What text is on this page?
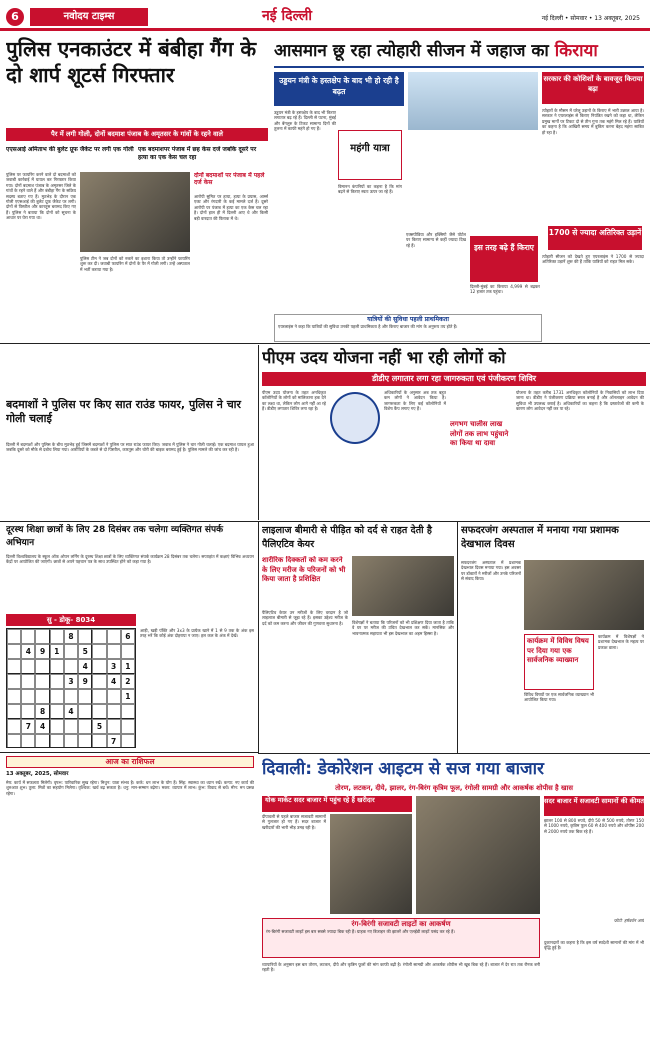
6	नवोदय टाइम्स	नई दिल्ली	नई दिल्ली • सोमवार • 13 अक्तूबर, 2025
पुलिस एनकाउंटर में बंबीहा गैंग के दो शार्प शूटर्स गिरफ्तार
पैर में लगी गोली, दोनों बदमाश पंजाब के अमृतसर के गांवों के रहने वाले
एएसआई अमिताभ की बुलेट प्रूफ जैकेट पर लगी एक गोली एक बदमाशपर पंजाब में छह केस दर्ज जबकि दूसरे पर हत्या का एक केस चल रहा
पुलिस पर फायरिंग करने वाले दो बदमाशों को जवाबी कार्रवाई में घायल कर गिरफ्तार किया गया। दोनों बदमाश पंजाब के अमृतसर जिले के गांवों के रहने वाले हैं और बंबीहा गैंग के सक्रिय सदस्य बताए गए हैं। मुठभेड़ के दौरान एक गोली एएसआई की बुलेट प्रूफ जैकेट पर लगी। दोनों से पिस्तौल और कारतूस बरामद किए गए हैं। पुलिस ने बताया कि दोनों को सूचना के आधार पर घेरा गया था।
दोनों बदमाशों पर पंजाब में पहले दर्ज केस
आरोपी सुमित पर हत्या, हत्या के प्रयास, आर्म्स एक्ट और रंगदारी के कई मामले दर्ज हैं। दूसरे आरोपी पर पंजाब में हत्या का एक केस चल रहा है। दोनों हाल ही में दिल्ली आए थे और किसी बड़ी वारदात की फिराक में थे।
पुलिस टीम ने जब दोनों को रुकने का इशारा किया तो उन्होंने फायरिंग शुरू कर दी। जवाबी फायरिंग में दोनों के पैर में गोली लगी। उन्हें अस्पताल में भर्ती कराया गया है।
आसमान छू रहा त्योहारी सीजन में जहाज का किराया
उड्डयन मंत्री के हस्तक्षेप के बाद भी हो रही है बढ़त
सरकार की कोशिशों के बावजूद किराया बढ़ा
त्योहारों के मौसम में घरेलू उड़ानों के किराए में भारी उछाल आया है। सरकार ने एयरलाइंस से किराए नियंत्रित रखने को कहा था, लेकिन प्रमुख मार्गों पर टिकट दो से तीन गुना तक महंगे मिल रहे हैं। यात्रियों का कहना है कि आखिरी समय में बुकिंग करना बेहद महंगा साबित हो रहा है।
1700 से ज्यादा अतिरिक्त उड़ानें
त्योहारी सीजन को देखते हुए एयरलाइंस ने 1700 से ज्यादा अतिरिक्त उड़ानें शुरू की हैं ताकि यात्रियों को राहत मिल सके।
उड्डयन मंत्री के हस्तक्षेप के बाद भी किराए लगातार बढ़ रहे हैं। दिल्ली से पटना, मुंबई और बेंगलुरु के टिकट सामान्य दिनों की तुलना में काफी महंगे हो गए हैं।
महंगी यात्रा
विमानन कंपनियों का कहना है कि मांग बढ़ने से किराए स्वतः ऊपर जा रहे हैं।
एक्सपीडिया और इक्सिगो जैसे पोर्टल पर किराए सामान्य से कहीं ज्यादा दिख रहे हैं।	इस तरह बढ़े हैं किराए
दिल्ली-मुंबई का किराया 4,999 से बढ़कर 12 हजार तक पहुंचा।
यात्रियों की सुविधा पहली प्राथमिकता
एयरलाइंस ने कहा कि यात्रियों की सुविधा उनकी पहली प्राथमिकता है और किराए बाजार की मांग के अनुरूप तय होते हैं।
पीएम उदय योजना नहीं भा रही लोगों को
डीडीए लगातार लगा रहा जागरुकता एवं पंजीकरण शिविर
पीएम उदय योजना के तहत अनधिकृत कॉलोनियों के लोगों को मालिकाना हक देने का लक्ष्य था, लेकिन लोग आगे नहीं आ रहे हैं। डीडीए लगातार शिविर लगा रहा है।
अधिकारियों के अनुसार अब तक बहुत कम लोगों ने आवेदन किया है। जागरूकता के लिए कई कॉलोनियों में विशेष कैंप लगाए गए हैं।
लगभग चालीस लाख लोगों तक लाभ पहुंचाने का किया था दावा
योजना के तहत करीब 1731 अनधिकृत कॉलोनियों के निवासियों को लाभ दिया जाना था। डीडीए ने पंजीकरण प्रक्रिया सरल बनाई है और ऑनलाइन आवेदन की सुविधा भी उपलब्ध कराई है। अधिकारियों का कहना है कि दस्तावेजों की कमी के कारण लोग आवेदन नहीं कर पा रहे।
बदमाशों ने पुलिस पर किए सात राउंड फायर, पुलिस ने चार गोली चलाई
दिल्ली में बदमाशों और पुलिस के बीच मुठभेड़ हुई जिसमें बदमाशों ने पुलिस पर सात राउंड फायर किए। जवाब में पुलिस ने चार गोली चलाई। एक बदमाश घायल हुआ जबकि दूसरे को मौके से दबोच लिया गया। आरोपियों के कब्जे से दो पिस्तौल, कारतूस और चोरी की बाइक बरामद हुई है। पुलिस मामले की जांच कर रही है।
दूरस्थ शिक्षा छात्रों के लिए 28 दिसंबर तक चलेगा व्यक्तिगत संपर्क अभियान
दिल्ली विश्वविद्यालय के स्कूल ऑफ ओपन लर्निंग के दूरस्थ शिक्षा छात्रों के लिए व्यक्तिगत संपर्क कार्यक्रम 28 दिसंबर तक चलेगा। सप्ताहांत में कक्षाएं विभिन्न अध्ययन केंद्रों पर आयोजित की जाएंगी। छात्रों से अपने पहचान पत्र के साथ उपस्थित होने को कहा गया है।
सु - डोकू- 8034
8	6
4	9	1	5
4	3	1
3	9	4	2
1
8	4
7	4	5
7
आड़ी, खड़ी पंक्ति और 3x3 के प्रत्येक खाने में 1 से 9 तक के अंक इस तरह भरें कि कोई अंक दोहराया न जाए। हल कल के अंक में देखें।
आज का राशिफल
13 अक्तूबर, 2025, सोमवार
मेष: कार्य में सफलता मिलेगी। वृषभ: पारिवारिक सुख रहेगा। मिथुन: यात्रा संभव है। कर्क: धन लाभ के योग हैं। सिंह: स्वास्थ्य का ध्यान रखें। कन्या: नए कार्य की शुरुआत शुभ। तुला: मित्रों का सहयोग मिलेगा। वृश्चिक: खर्च बढ़ सकता है। धनु: मान-सम्मान बढ़ेगा। मकर: व्यापार में लाभ। कुंभ: विवाद से बचें। मीन: मन प्रसन्न रहेगा।
लाइलाज बीमारी से पीड़ित को दर्द से राहत देती है पैलिएटिव केयर
शारीरिक दिक्कतों को कम करने के लिए मरीज के परिजनों को भी किया जाता है प्रशिक्षित
पैलिएटिव केयर उन मरीजों के लिए वरदान है जो लाइलाज बीमारी से जूझ रहे हैं। इसका उद्देश्य मरीज के दर्द को कम करना और जीवन की गुणवत्ता सुधारना है।	विशेषज्ञों ने बताया कि परिजनों को भी प्रशिक्षण दिया जाता है ताकि वे घर पर मरीज की उचित देखभाल कर सकें। मानसिक और भावनात्मक सहायता भी इस देखभाल का अहम हिस्सा है।
सफदरजंग अस्पताल में मनाया गया प्रशामक देखभाल दिवस
सफदरजंग अस्पताल में प्रशामक देखभाल दिवस मनाया गया। इस अवसर पर डॉक्टरों ने मरीजों और उनके परिजनों से संवाद किया।
कार्यक्रम में विविध विषय पर दिया गया एक सार्वजनिक व्याख्यान
कार्यक्रम में विशेषज्ञों ने प्रशामक देखभाल के महत्व पर प्रकाश डाला।
विविध विषयों पर एक सार्वजनिक व्याख्यान भी आयोजित किया गया।
दिवाली: डेकोरेशन आइटम से सज गया बाजार
तोरण, लटकन, दीये, झालर, रंग-बिरंग कृत्रिम फूल, रंगोली सामग्री और आकर्षक शोपीस है खास
योक मार्केट सदर बाजार में पहुंच रहे हैं खरीदार
दीपावली से पहले बाजार सजावटी सामानों से गुलजार हो गए हैं। सदर बाजार में खरीदारों की भारी भीड़ उमड़ रही है।
रंग-बिरंगी सजावटी लाइटों का आकर्षण
रंग-बिरंगी सजावटी लाइटें इस बार सबसे ज्यादा बिक रही हैं। ग्राहक नए डिजाइन की झालरें और एलईडी लाइटें पसंद कर रहे हैं।
व्यापारियों के अनुसार इस बार तोरण, लटकन, दीये और कृत्रिम फूलों की मांग काफी बढ़ी है। रंगोली सामग्री और आकर्षक शोपीस भी खूब बिक रहे हैं। बाजार में देर रात तक रौनक बनी रहती है।
सदर बाजार में सजावटी सामानों की कीमत
झालर 100 से 800 रुपये, दीये 50 से 500 रुपये, तोरण 150 से 1000 रुपये, कृत्रिम फूल 60 से 400 रुपये और शोपीस 200 से 2000 रुपये तक बिक रहे हैं।
फोटो: हर्षवर्धन आर्य
दुकानदारों का कहना है कि इस वर्ष स्वदेशी सामानों की मांग में भी वृद्धि हुई है।
